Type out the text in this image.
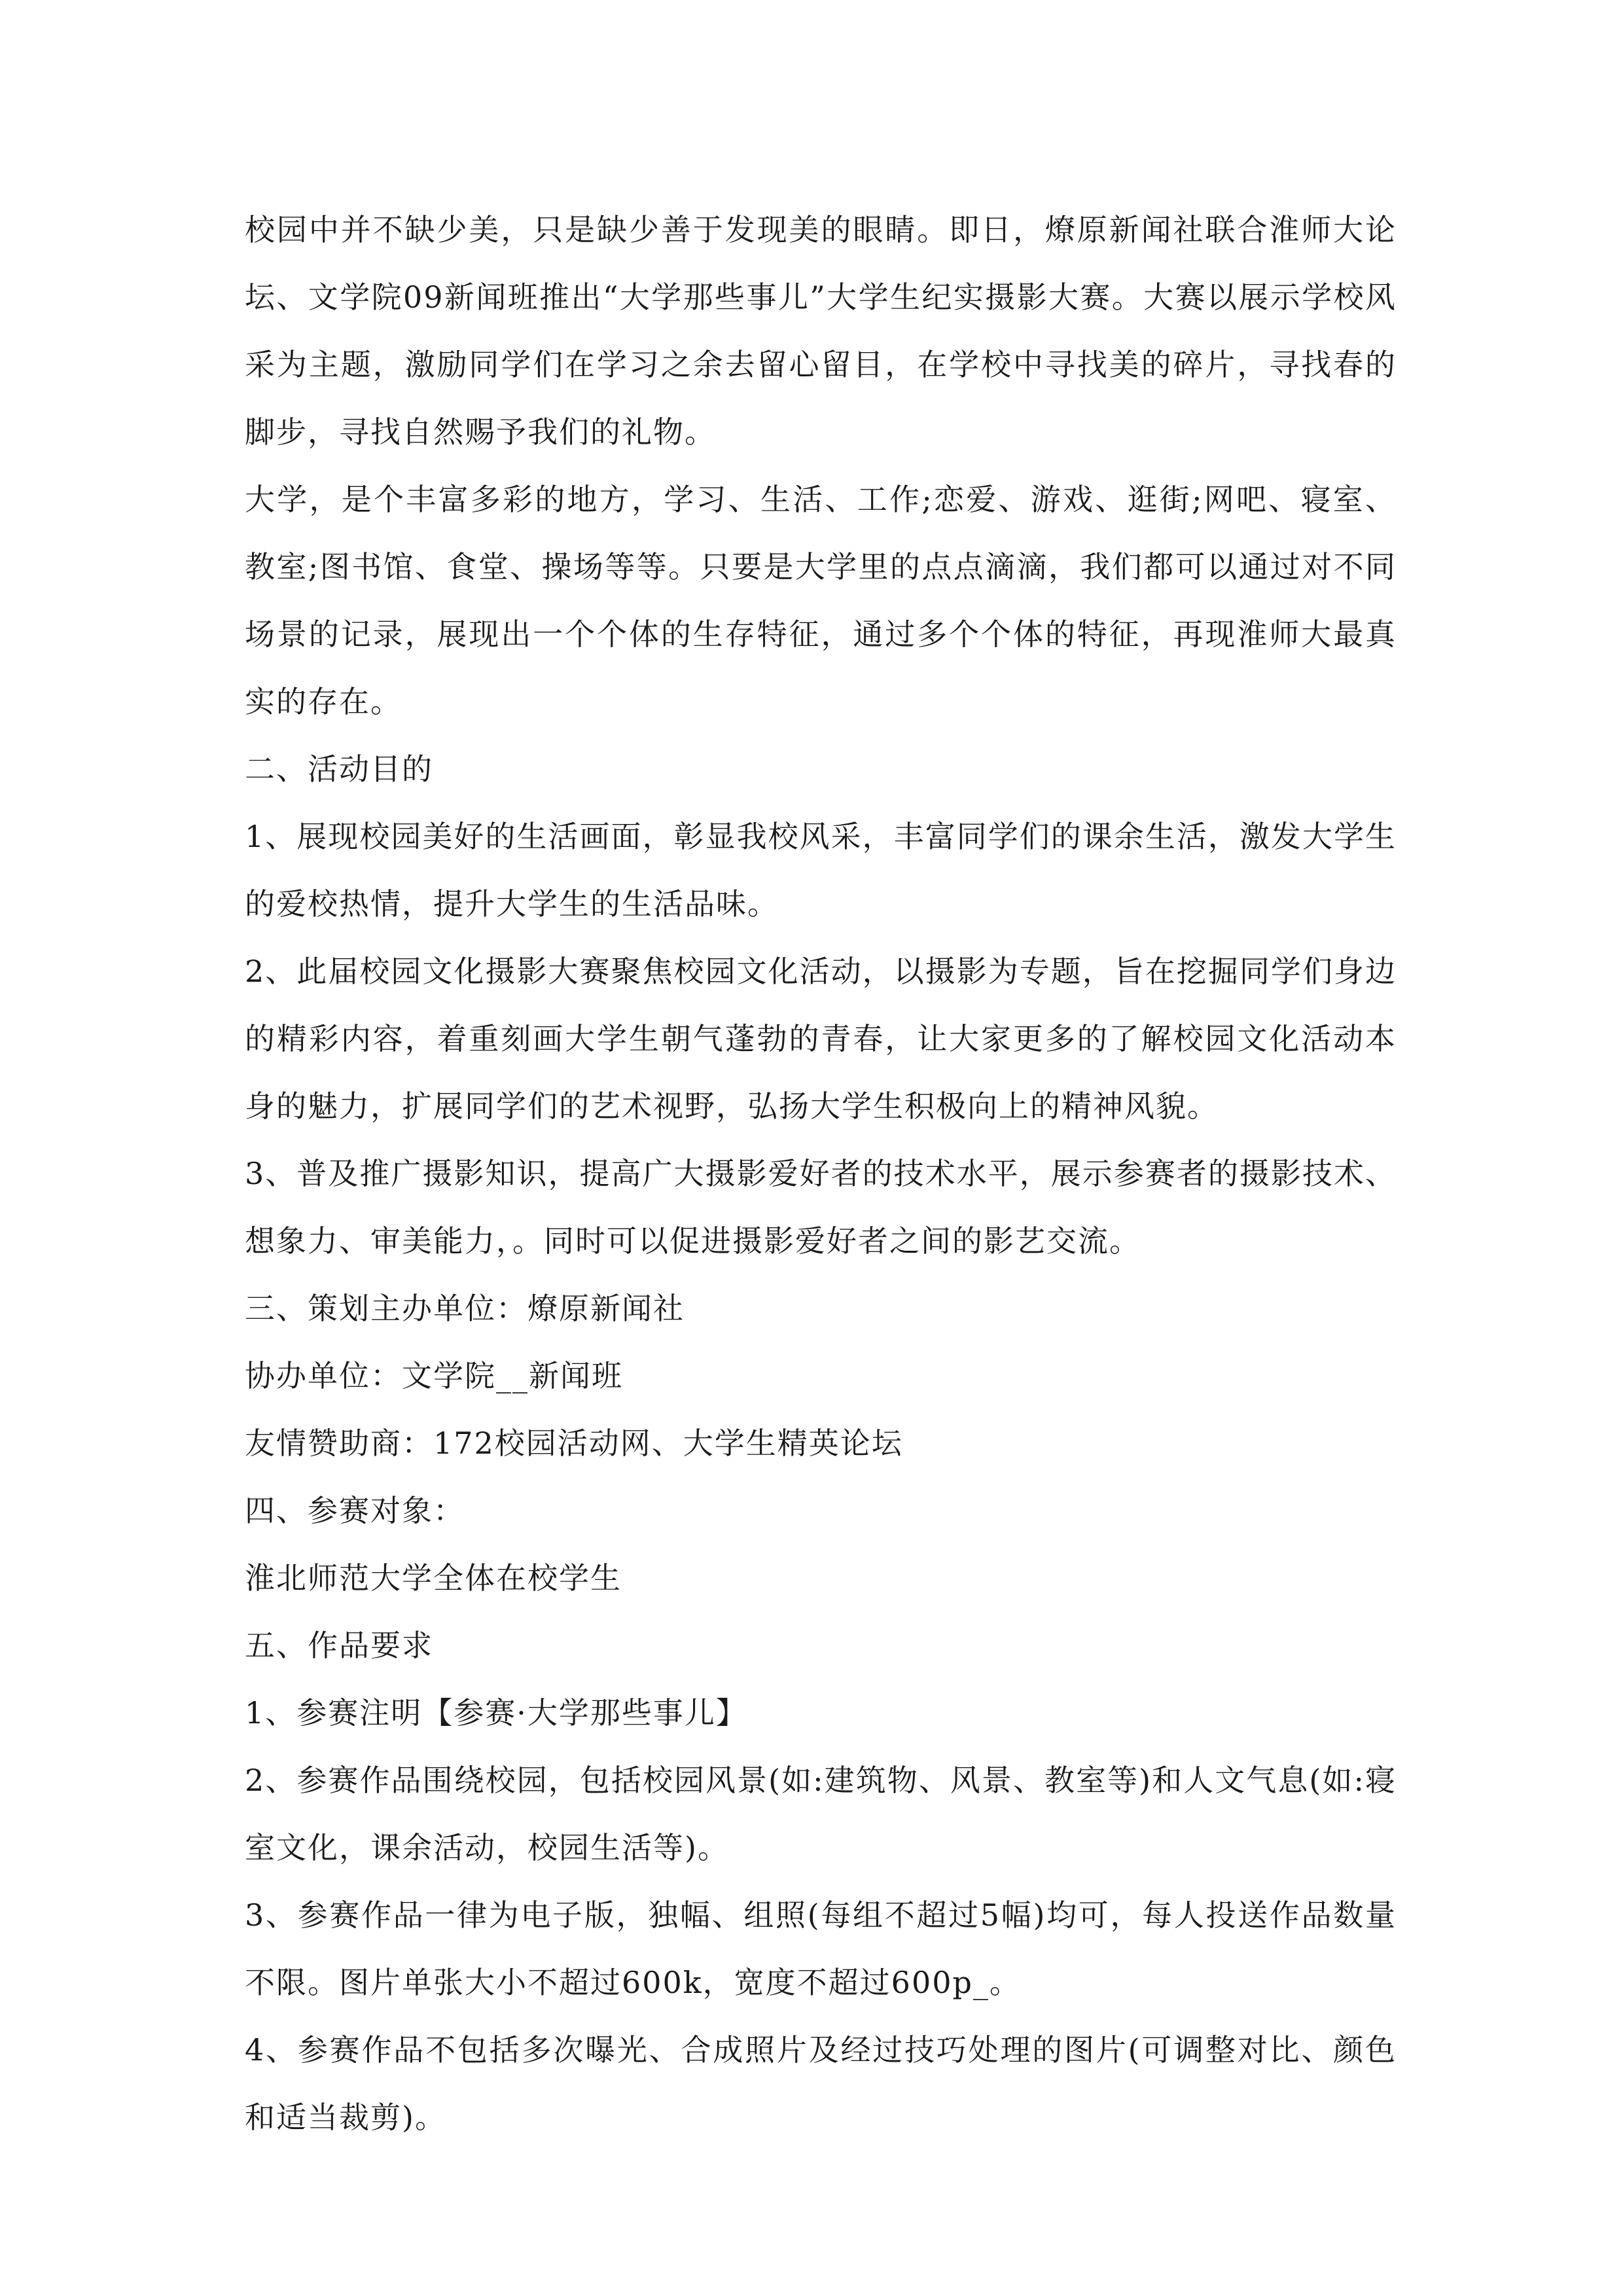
校园中并不缺少美，只是缺少善于发现美的眼睛。即日，燎原新闻社联合淮师大论坛、文学院09新闻班推出“大学那些事儿”大学生纪实摄影大赛。大赛以展示学校风采为主题，激励同学们在学习之余去留心留目，在学校中寻找美的碎片，寻找春的脚步，寻找自然赐予我们的礼物。

大学，是个丰富多彩的地方，学习、生活、工作;恋爱、游戏、逛街;网吧、寝室、教室;图书馆、食堂、操场等等。只要是大学里的点点滴滴，我们都可以通过对不同场景的记录，展现出一个个体的生存特征，通过多个个体的特征，再现淮师大最真实的存在。

二、活动目的

1、展现校园美好的生活画面，彰显我校风采，丰富同学们的课余生活，激发大学生的爱校热情，提升大学生的生活品味。

2、此届校园文化摄影大赛聚焦校园文化活动，以摄影为专题，旨在挖掘同学们身边的精彩内容，着重刻画大学生朝气蓬勃的青春，让大家更多的了解校园文化活动本身的魅力，扩展同学们的艺术视野，弘扬大学生积极向上的精神风貌。

3、普及推广摄影知识，提高广大摄影爱好者的技术水平，展示参赛者的摄影技术、想象力、审美能力，。同时可以促进摄影爱好者之间的影艺交流。

三、策划主办单位：燎原新闻社

协办单位：文学院__新闻班

友情赞助商：172校园活动网、大学生精英论坛

四、参赛对象：

淮北师范大学全体在校学生

五、作品要求

1、参赛注明【参赛·大学那些事儿】

2、参赛作品围绕校园，包括校园风景(如:建筑物、风景、教室等)和人文气息(如:寝室文化，课余活动，校园生活等)。

3、参赛作品一律为电子版，独幅、组照(每组不超过5幅)均可，每人投送作品数量不限。图片单张大小不超过600k，宽度不超过600p_。

4、参赛作品不包括多次曝光、合成照片及经过技巧处理的图片(可调整对比、颜色和适当裁剪)。
